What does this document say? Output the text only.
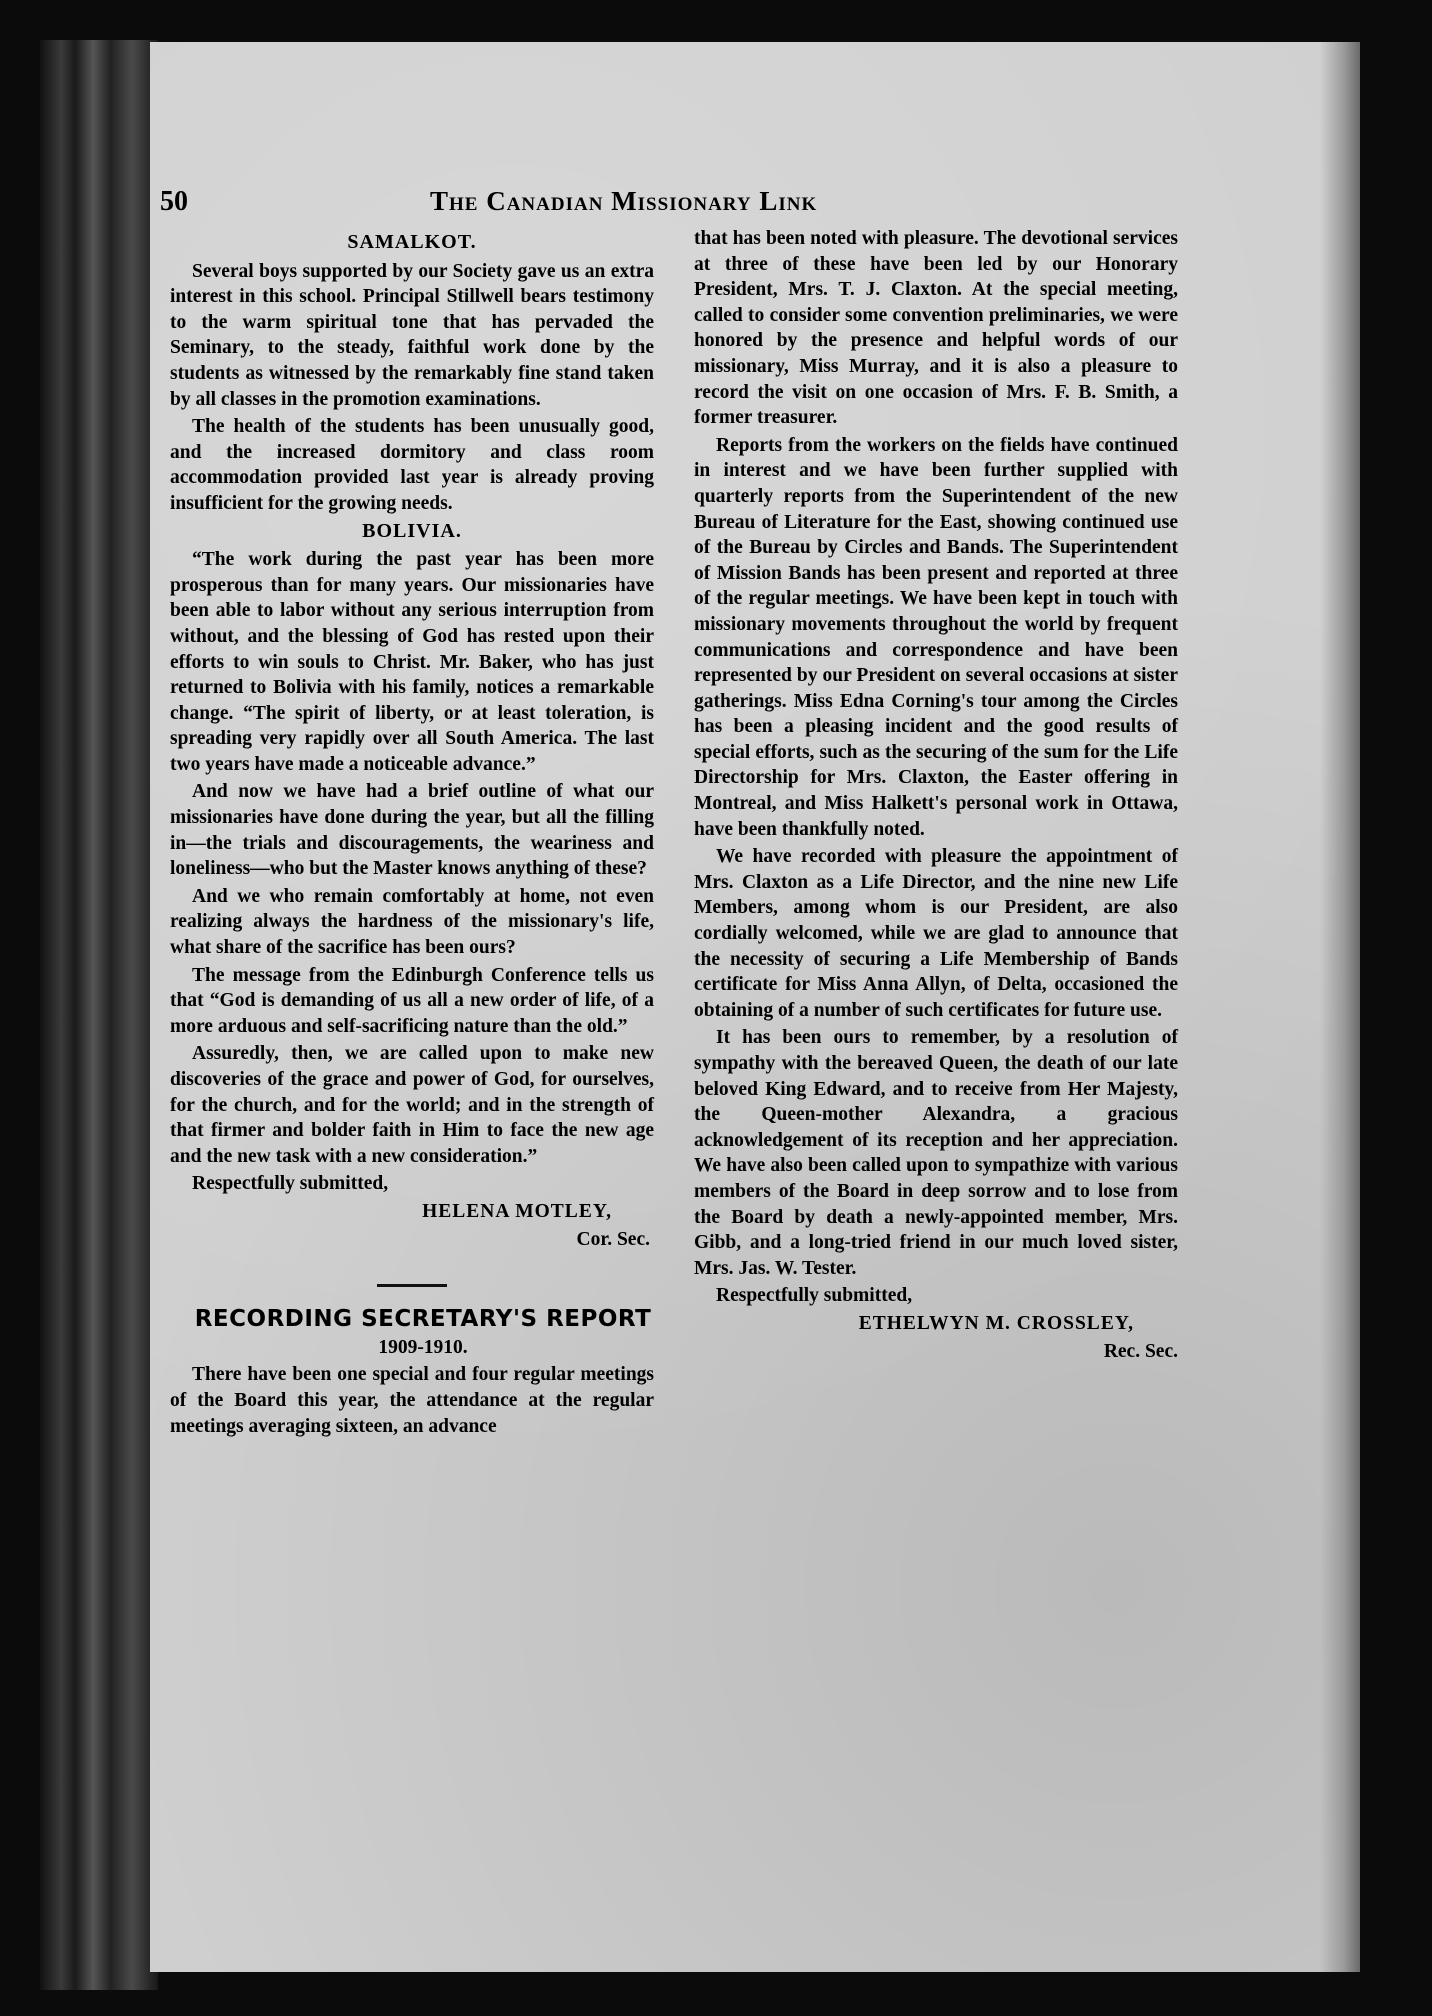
50	The Canadian Missionary Link
SAMALKOT.

Several boys supported by our Society gave us an extra interest in this school. Principal Stillwell bears testimony to the warm spiritual tone that has pervaded the Seminary, to the steady, faithful work done by the students as witnessed by the remarkably fine stand taken by all classes in the promotion examinations.

The health of the students has been unusually good, and the increased dormitory and class room accommodation provided last year is already proving insufficient for the growing needs.

BOLIVIA.

“The work during the past year has been more prosperous than for many years. Our missionaries have been able to labor without any serious interruption from without, and the blessing of God has rested upon their efforts to win souls to Christ. Mr. Baker, who has just returned to Bolivia with his family, notices a remarkable change. “The spirit of liberty, or at least toleration, is spreading very rapidly over all South America. The last two years have made a noticeable advance.”

And now we have had a brief outline of what our missionaries have done during the year, but all the filling in—the trials and discouragements, the weariness and loneliness—who but the Master knows anything of these?

And we who remain comfortably at home, not even realizing always the hardness of the missionary's life, what share of the sacrifice has been ours?

The message from the Edinburgh Conference tells us that “God is demanding of us all a new order of life, of a more arduous and self-sacrificing nature than the old.”

Assuredly, then, we are called upon to make new discoveries of the grace and power of God, for ourselves, for the church, and for the world; and in the strength of that firmer and bolder faith in Him to face the new age and the new task with a new consideration.”

Respectfully submitted,

HELENA MOTLEY,

Cor. Sec.

RECORDING SECRETARY'S REPORT

1909-1910.

There have been one special and four regular meetings of the Board this year, the attendance at the regular meetings averaging sixteen, an advance

that has been noted with pleasure. The devotional services at three of these have been led by our Honorary President, Mrs. T. J. Claxton. At the special meeting, called to consider some convention preliminaries, we were honored by the presence and helpful words of our missionary, Miss Murray, and it is also a pleasure to record the visit on one occasion of Mrs. F. B. Smith, a former treasurer.

Reports from the workers on the fields have continued in interest and we have been further supplied with quarterly reports from the Superintendent of the new Bureau of Literature for the East, showing continued use of the Bureau by Circles and Bands. The Superintendent of Mission Bands has been present and reported at three of the regular meetings. We have been kept in touch with missionary movements throughout the world by frequent communications and correspondence and have been represented by our President on several occasions at sister gatherings. Miss Edna Corning's tour among the Circles has been a pleasing incident and the good results of special efforts, such as the securing of the sum for the Life Directorship for Mrs. Claxton, the Easter offering in Montreal, and Miss Halkett's personal work in Ottawa, have been thankfully noted.

We have recorded with pleasure the appointment of Mrs. Claxton as a Life Director, and the nine new Life Members, among whom is our President, are also cordially welcomed, while we are glad to announce that the necessity of securing a Life Membership of Bands certificate for Miss Anna Allyn, of Delta, occasioned the obtaining of a number of such certificates for future use.

It has been ours to remember, by a resolution of sympathy with the bereaved Queen, the death of our late beloved King Edward, and to receive from Her Majesty, the Queen-mother Alexandra, a gracious acknowledgement of its reception and her appreciation. We have also been called upon to sympathize with various members of the Board in deep sorrow and to lose from the Board by death a newly-appointed member, Mrs. Gibb, and a long-tried friend in our much loved sister, Mrs. Jas. W. Tester.

Respectfully submitted,

ETHELWYN M. CROSSLEY,

Rec. Sec.
